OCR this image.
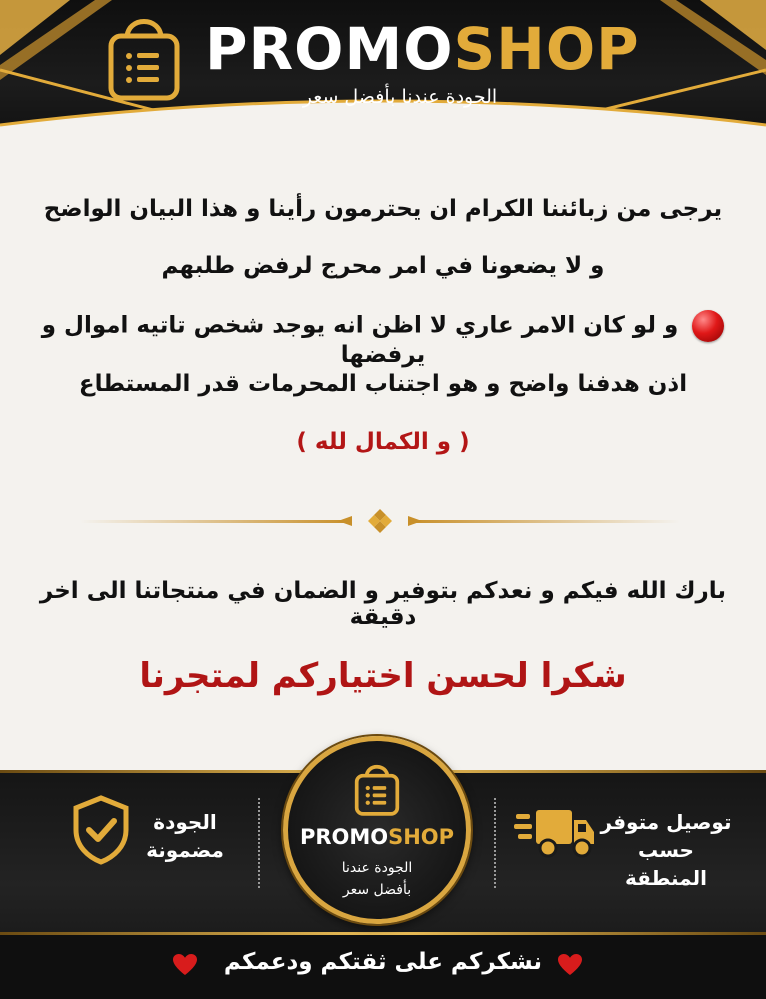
PROMOSHOP
الجودة عندنا بأفضل سعر
يرجى من زبائننا الكرام ان يحترمون رأينا و هذا البيان الواضح
و لا يضعونا في امر محرج لرفض طلبهم
و لو كان الامر عاري لا اظن انه يوجد شخص تاتيه اموال و يرفضها
اذن هدفنا واضح و هو اجتناب المحرمات قدر المستطاع
( و الكمال لله )
بارك الله فيكم و نعدكم بتوفير و الضمان في منتجاتنا الى اخر دقيقة
شكرا لحسن اختياركم لمتجرنا
الجودة
مضمونة
PROMOSHOP
الجودة عندنا
بأفضل سعر
توصيل متوفر
حسب المنطقة
نشكركم على ثقتكم ودعمكم
